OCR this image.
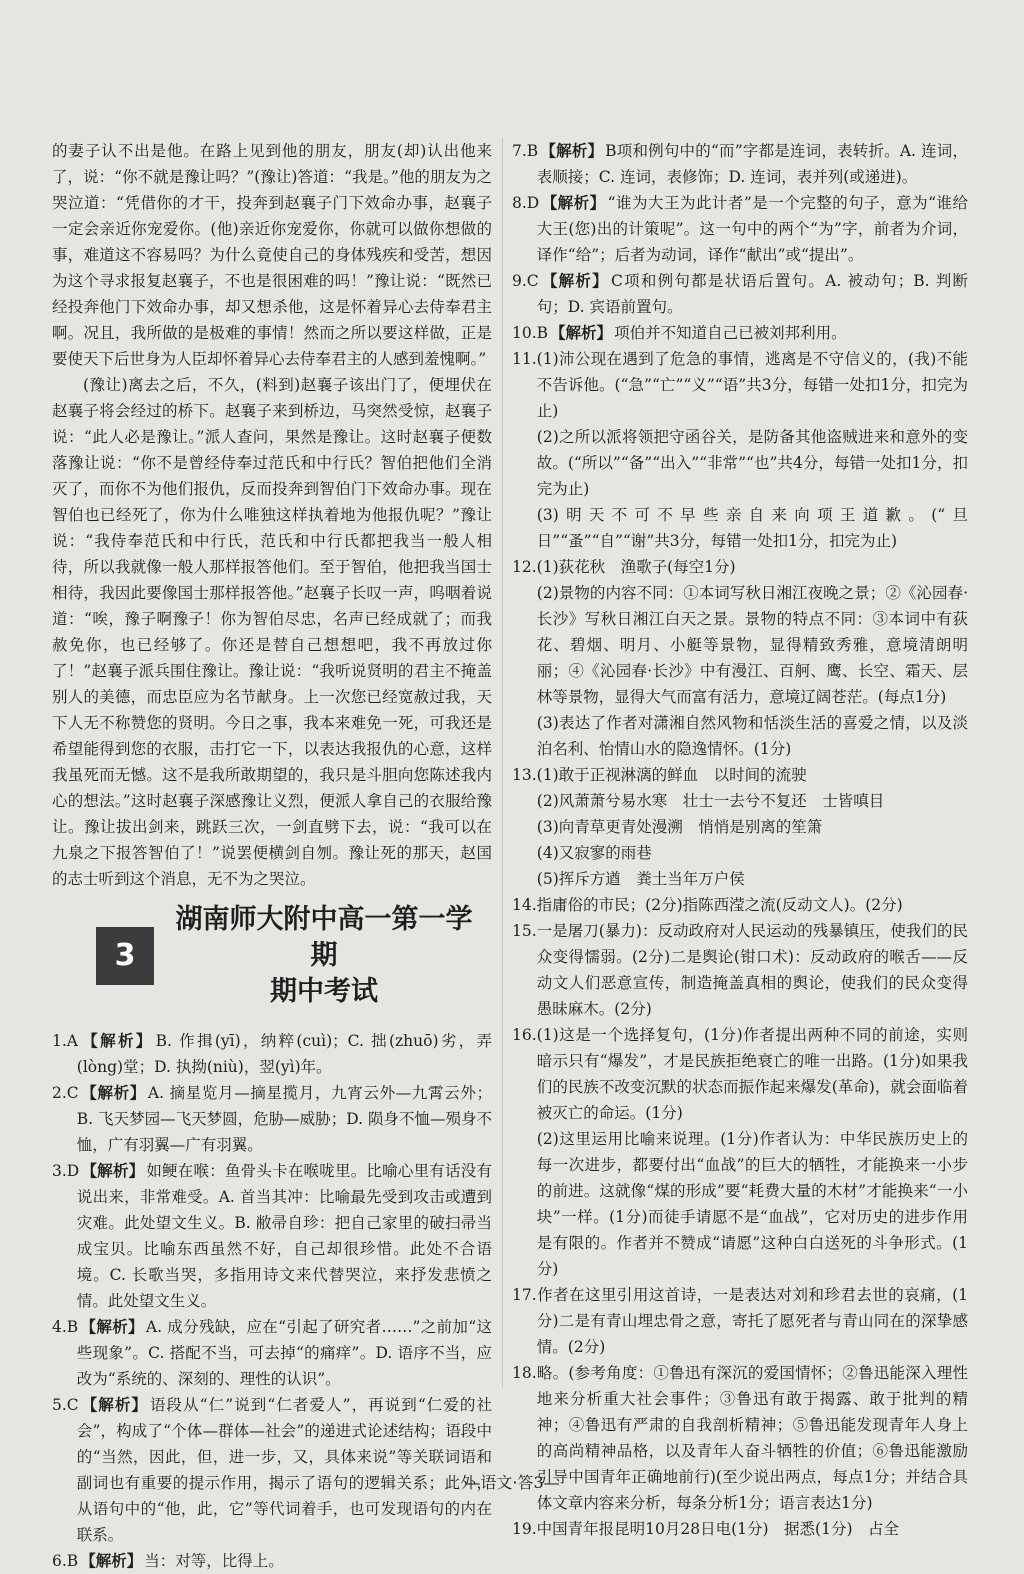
的妻子认不出是他。在路上见到他的朋友，朋友(却)认出他来了，说：“你不就是豫让吗？”(豫让)答道：“我是。”他的朋友为之哭泣道：“凭借你的才干，投奔到赵襄子门下效命办事，赵襄子一定会亲近你宠爱你。(他)亲近你宠爱你，你就可以做你想做的事，难道这不容易吗？为什么竟使自己的身体残疾和受苦，想因为这个寻求报复赵襄子，不也是很困难的吗！”豫让说：“既然已经投奔他门下效命办事，却又想杀他，这是怀着异心去侍奉君主啊。况且，我所做的是极难的事情！然而之所以要这样做，正是要使天下后世身为人臣却怀着异心去侍奉君主的人感到羞愧啊。”

(豫让)离去之后，不久，(料到)赵襄子该出门了，便埋伏在赵襄子将会经过的桥下。赵襄子来到桥边，马突然受惊，赵襄子说：“此人必是豫让。”派人查问，果然是豫让。这时赵襄子便数落豫让说：“你不是曾经侍奉过范氏和中行氏？智伯把他们全消灭了，而你不为他们报仇，反而投奔到智伯门下效命办事。现在智伯也已经死了，你为什么唯独这样执着地为他报仇呢？”豫让说：“我侍奉范氏和中行氏，范氏和中行氏都把我当一般人相待，所以我就像一般人那样报答他们。至于智伯，他把我当国士相待，我因此要像国士那样报答他。”赵襄子长叹一声，呜咽着说道：“唉，豫子啊豫子！你为智伯尽忠，名声已经成就了；而我赦免你，也已经够了。你还是替自己想想吧，我不再放过你了！”赵襄子派兵围住豫让。豫让说：“我听说贤明的君主不掩盖别人的美德，而忠臣应为名节献身。上一次您已经宽赦过我，天下人无不称赞您的贤明。今日之事，我本来难免一死，可我还是希望能得到您的衣服，击打它一下，以表达我报仇的心意，这样我虽死而无憾。这不是我所敢期望的，我只是斗胆向您陈述我内心的想法。”这时赵襄子深感豫让义烈，便派人拿自己的衣服给豫让。豫让拔出剑来，跳跃三次，一剑直劈下去，说：“我可以在九泉之下报答智伯了！”说罢便横剑自刎。豫让死的那天，赵国的志士听到这个消息，无不为之哭泣。

3
湖南师大附中高一第一学期
期中考试

1.A 【解析】 B. 作揖(yī)，纳粹(cuì)；C. 拙(zhuō)劣，弄(lòng)堂；D. 执拗(niù)，翌(yì)年。

2.C 【解析】 A. 摘星览月—摘星揽月，九宵云外—九霄云外；B. 飞天梦园—飞天梦圆，危胁—威胁；D. 陨身不恤—殒身不恤，广有羽翼—广有羽翼。

3.D 【解析】 如鲠在喉：鱼骨头卡在喉咙里。比喻心里有话没有说出来，非常难受。A. 首当其冲：比喻最先受到攻击或遭到灾难。此处望文生义。B. 敝帚自珍：把自己家里的破扫帚当成宝贝。比喻东西虽然不好，自己却很珍惜。此处不合语境。C. 长歌当哭，多指用诗文来代替哭泣，来抒发悲愤之情。此处望文生义。

4.B 【解析】 A. 成分残缺，应在“引起了研究者……”之前加“这些现象”。C. 搭配不当，可去掉“的痛痒”。D. 语序不当，应改为“系统的、深刻的、理性的认识”。

5.C 【解析】 语段从“仁”说到“仁者爱人”，再说到“仁爱的社会”，构成了“个体—群体—社会”的递进式论述结构；语段中的“当然，因此，但，进一步，又，具体来说”等关联词语和副词也有重要的提示作用，揭示了语句的逻辑关系；此外，从语句中的“他，此，它”等代词着手，也可发现语句的内在联系。

6.B 【解析】 当：对等，比得上。

7.B 【解析】 B项和例句中的“而”字都是连词，表转折。A. 连词，表顺接；C. 连词，表修饰；D. 连词，表并列(或递进)。

8.D 【解析】 “谁为大王为此计者”是一个完整的句子，意为“谁给大王(您)出的计策呢”。这一句中的两个“为”字，前者为介词，译作“给”；后者为动词，译作“献出”或“提出”。

9.C 【解析】 C项和例句都是状语后置句。A. 被动句；B. 判断句；D. 宾语前置句。

10.B 【解析】 项伯并不知道自己已被刘邦利用。

11.(1)沛公现在遇到了危急的事情，逃离是不守信义的，(我)不能不告诉他。(“急”“亡”“义”“语”共3分，每错一处扣1分，扣完为止)

(2)之所以派将领把守函谷关，是防备其他盗贼进来和意外的变故。(“所以”“备”“出入”“非常”“也”共4分，每错一处扣1分，扣完为止)

(3)明天不可不早些亲自来向项王道歉。(“旦日”“蚤”“自”“谢”共3分，每错一处扣1分，扣完为止)

12.(1)荻花秋　渔歌子(每空1分)

(2)景物的内容不同：①本词写秋日湘江夜晚之景；②《沁园春·长沙》写秋日湘江白天之景。景物的特点不同：③本词中有荻花、碧烟、明月、小艇等景物，显得精致秀雅，意境清朗明丽；④《沁园春·长沙》中有漫江、百舸、鹰、长空、霜天、层林等景物，显得大气而富有活力，意境辽阔苍茫。(每点1分)

(3)表达了作者对潇湘自然风物和恬淡生活的喜爱之情，以及淡泊名利、怡情山水的隐逸情怀。(1分)

13.(1)敢于正视淋漓的鲜血　以时间的流驶

(2)风萧萧兮易水寒　壮士一去兮不复还　士皆嗔目

(3)向青草更青处漫溯　悄悄是别离的笙箫

(4)又寂寥的雨巷

(5)挥斥方遒　粪土当年万户侯

14.指庸俗的市民；(2分)指陈西滢之流(反动文人)。(2分)

15.一是屠刀(暴力)：反动政府对人民运动的残暴镇压，使我们的民众变得懦弱。(2分)二是舆论(钳口术)：反动政府的喉舌——反动文人们恶意宣传，制造掩盖真相的舆论，使我们的民众变得愚昧麻木。(2分)

16.(1)这是一个选择复句，(1分)作者提出两种不同的前途，实则暗示只有“爆发”，才是民族拒绝衰亡的唯一出路。(1分)如果我们的民族不改变沉默的状态而振作起来爆发(革命)，就会面临着被灭亡的命运。(1分)

(2)这里运用比喻来说理。(1分)作者认为：中华民族历史上的每一次进步，都要付出“血战”的巨大的牺牲，才能换来一小步的前进。这就像“煤的形成”要“耗费大量的木材”才能换来“一小块”一样。(1分)而徒手请愿不是“血战”，它对历史的进步作用是有限的。作者并不赞成“请愿”这种白白送死的斗争形式。(1分)

17.作者在这里引用这首诗，一是表达对刘和珍君去世的哀痛，(1分)二是有青山埋忠骨之意，寄托了愿死者与青山同在的深挚感情。(2分)

18.略。(参考角度：①鲁迅有深沉的爱国情怀；②鲁迅能深入理性地来分析重大社会事件；③鲁迅有敢于揭露、敢于批判的精神；④鲁迅有严肃的自我剖析精神；⑤鲁迅能发现青年人身上的高尚精神品格，以及青年人奋斗牺牲的价值；⑥鲁迅能激励引导中国青年正确地前行)(至少说出两点，每点1分；并结合具体文章内容来分析，每条分析1分；语言表达1分)

19.中国青年报昆明10月28日电(1分)　据悉(1分)　占全

—语文·答3—
